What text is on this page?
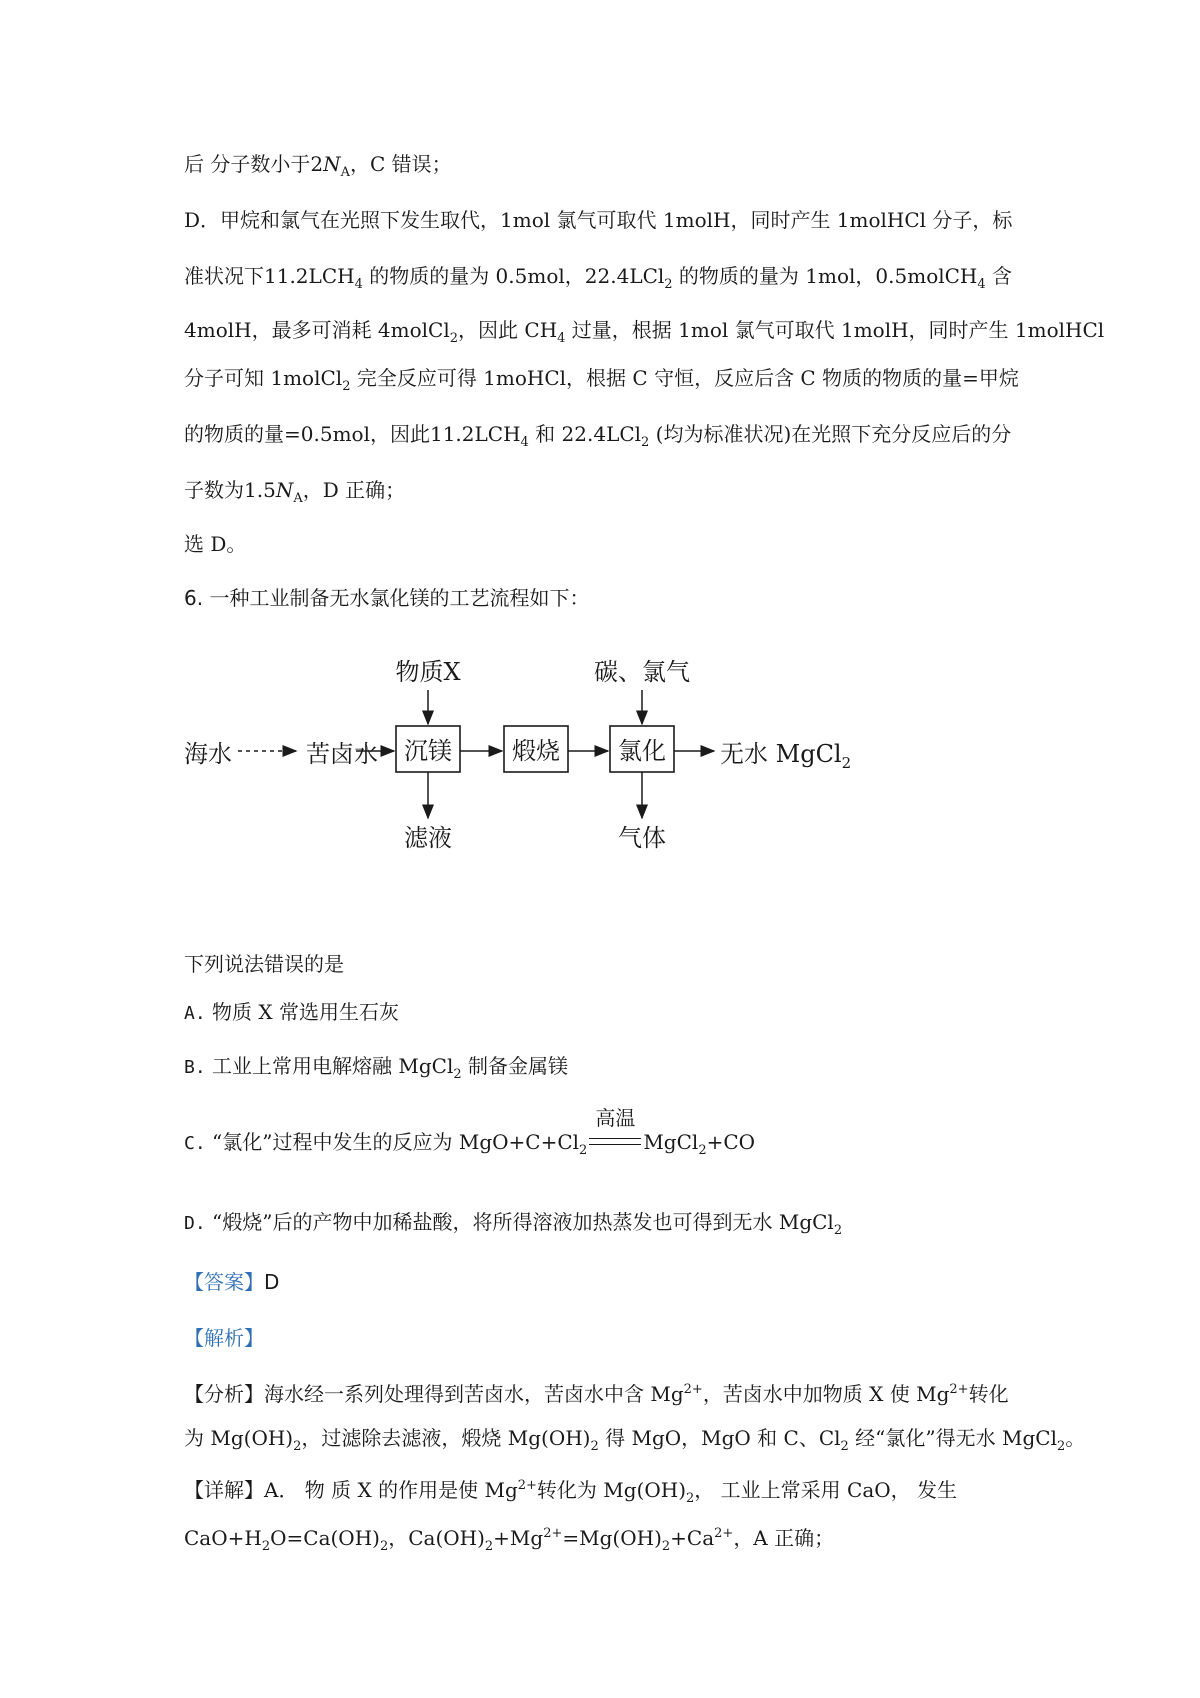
后 分子数小于$2N_A$，C 错误；
D．甲烷和氯气在光照下发生取代，1mol 氯气可取代 1molH，同时产生 1molHCl 分子，标
准状况下$11.2LCH_4$ 的物质的量为 0.5mol，22.4LCl$_2$ 的物质的量为 1mol，0.5molCH$_4$ 含
4molH，最多可消耗 4molCl$_2$，因此 $CH_4$ 过量，根据 1mol 氯气可取代 1molH，同时产生 1molHCl
分子可知 1molCl$_2$ 完全反应可得 1moHCl，根据 C 守恒，反应后含 C 物质的物质的量=甲烷
的物质的量=0.5mol，因此$11.2LCH_4$ 和 22.4LCl$_2$ (均为标准状况)在光照下充分反应后的分
子数为$1.5N_A$，D 正确；
选 D。
6. 一种工业制备无水氯化镁的工艺流程如下：
物质X	碳、氯气
海水	苦卤水 沉镁	煅烧 氯化 无水 MgCl$_2$
滤液	气体
下列说法错误的是
A. 物质 X 常选用生石灰
B. 工业上常用电解熔融 MgCl$_2$ 制备金属镁
C. “氯化”过程中发生的反应为 $MgO+C+Cl_2$
高温
MgCl$_2$+CO
D. “煅烧”后的产物中加稀盐酸，将所得溶液加热蒸发也可得到无水 MgCl$_2$
【答案】D
【解析】
【分析】海水经一系列处理得到苦卤水，苦卤水中含 $Mg^{2+}$，苦卤水中加物质 X 使 $Mg^{2+}$转化
为 $Mg(OH)_2$，过滤除去滤液，煅烧 $Mg(OH)_2$ 得 MgO，MgO 和 C、$Cl_2$ 经“氯化”得无水 MgCl$_2$。
【详解】A． 物 质 X 的作用是使 $Mg^{2+}$转化为 $Mg(OH)_2$， 工业上常采用 CaO， 发生
$CaO+H_2O=Ca(OH)_2$，$Ca(OH)_2+Mg^{2+}=Mg(OH)_2+Ca^{2+}$，A 正确；
